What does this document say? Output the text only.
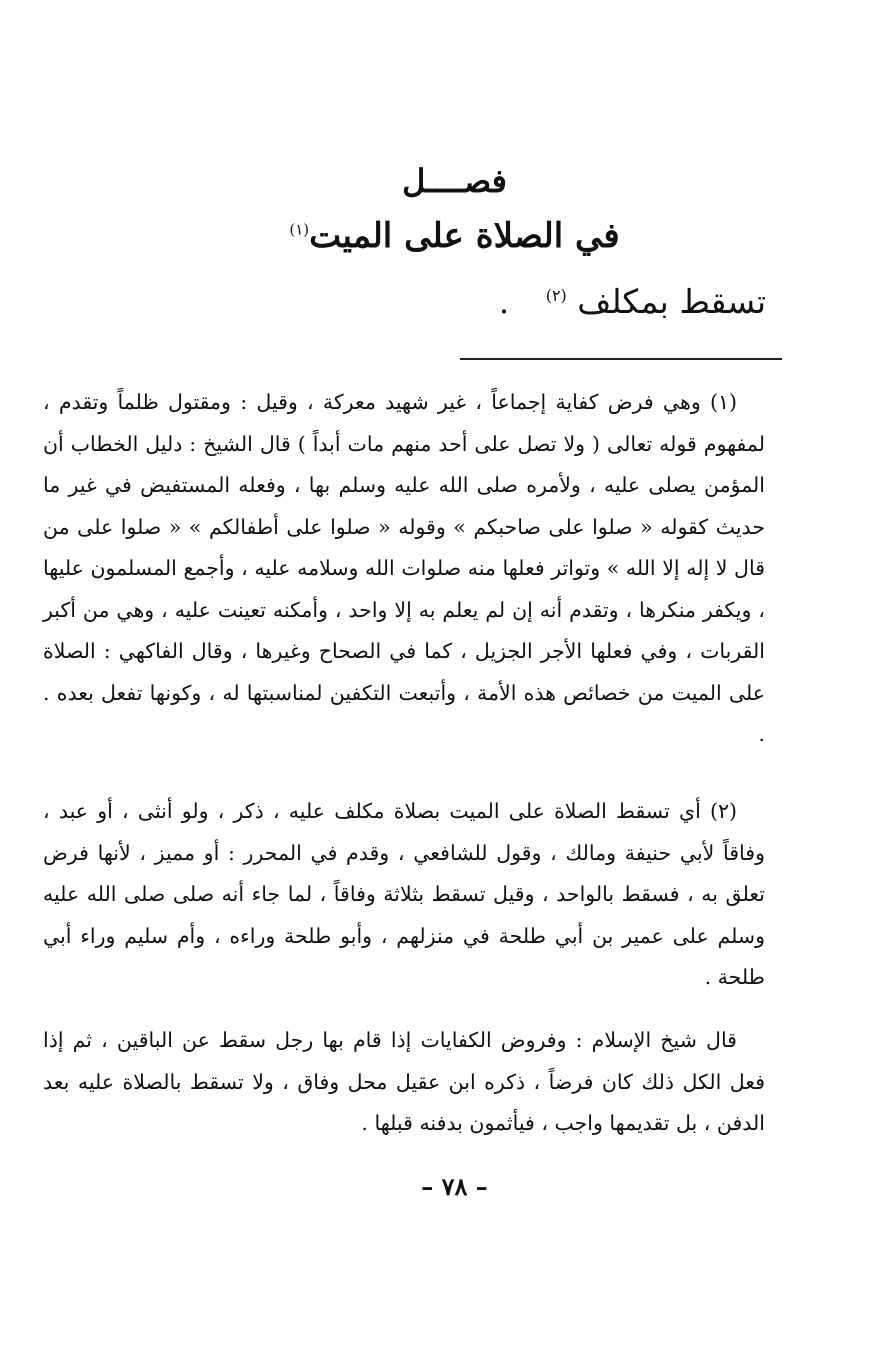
فصــــل
في الصلاة على الميت$^{(١)}$
تسقط بمكلف $^{(٢)}$ .

(١) وهي فرض كفاية إجماعاً ، غير شهيد معركة ، وقيل : ومقتول ظلماً وتقدم ، لمفهوم قوله تعالى ( ولا تصل على أحد منهم مات أبداً ) قال الشيخ : دليل الخطاب أن المؤمن يصلى عليه ، ولأمره صلى الله عليه وسلم بها ، وفعله المستفيض في غير ما حديث كقوله « صلوا على صاحبكم » وقوله « صلوا على أطفالكم » « صلوا على من قال لا إله إلا الله » وتواتر فعلها منه صلوات الله وسلامه عليه ، وأجمع المسلمون عليها ، ويكفر منكرها ، وتقدم أنه إن لم يعلم به إلا واحد ، وأمكنه تعينت عليه ، وهي من أكبر القربات ، وفي فعلها الأجر الجزيل ، كما في الصحاح وغيرها ، وقال الفاكهي : الصلاة على الميت من خصائص هذه الأمة ، وأتبعت التكفين لمناسبتها له ، وكونها تفعل بعده . .

(٢) أي تسقط الصلاة على الميت بصلاة مكلف عليه ، ذكر ، ولو أنثى ، أو عبد ، وفاقاً لأبي حنيفة ومالك ، وقول للشافعي ، وقدم في المحرر : أو مميز ، لأنها فرض تعلق به ، فسقط بالواحد ، وقيل تسقط بثلاثة وفاقاً ، لما جاء أنه صلى صلى الله عليه وسلم على عمير بن أبي طلحة في منزلهم ، وأبو طلحة وراءه ، وأم سليم وراء أبي طلحة .

قال شيخ الإسلام : وفروض الكفايات إذا قام بها رجل سقط عن الباقين ، ثم إذا فعل الكل ذلك كان فرضاً ، ذكره ابن عقيل محل وفاق ، ولا تسقط بالصلاة عليه بعد الدفن ، بل تقديمها واجب ، فيأثمون بدفنه قبلها .

– ٧٨ –
